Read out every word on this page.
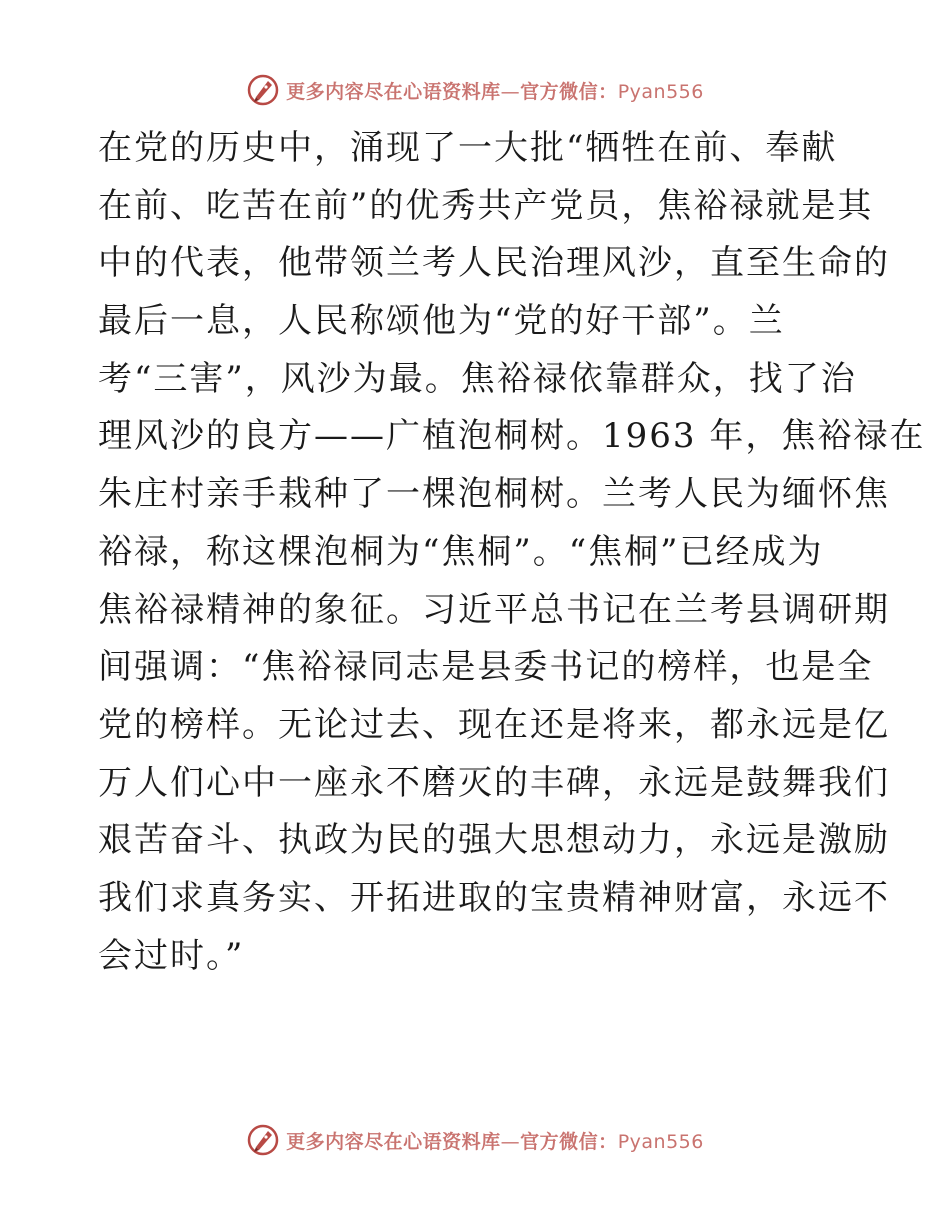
更多内容尽在心语资料库—官方微信：Pyan556
在党的历史中，涌现了一大批“牺牲在前、奉献
在前、吃苦在前”的优秀共产党员，焦裕禄就是其
中的代表，他带领兰考人民治理风沙，直至生命的
最后一息，人民称颂他为“党的好干部”。兰
考“三害”，风沙为最。焦裕禄依靠群众，找了治
理风沙的良方——广植泡桐树。1963 年，焦裕禄在
朱庄村亲手栽种了一棵泡桐树。兰考人民为缅怀焦
裕禄，称这棵泡桐为“焦桐”。“焦桐”已经成为
焦裕禄精神的象征。习近平总书记在兰考县调研期
间强调：“焦裕禄同志是县委书记的榜样，也是全
党的榜样。无论过去、现在还是将来，都永远是亿
万人们心中一座永不磨灭的丰碑，永远是鼓舞我们
艰苦奋斗、执政为民的强大思想动力，永远是激励
我们求真务实、开拓进取的宝贵精神财富，永远不
会过时。”
更多内容尽在心语资料库—官方微信：Pyan556
